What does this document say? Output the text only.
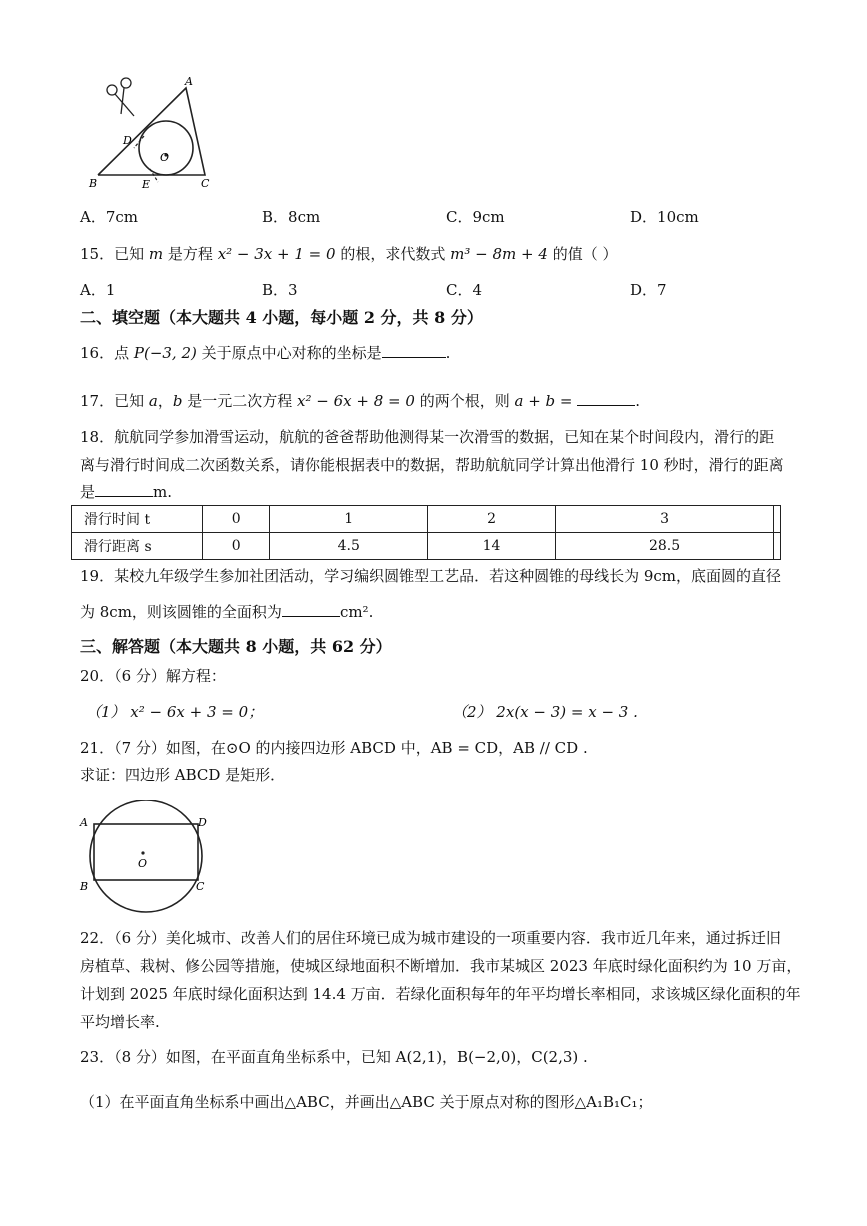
A
B	C
D
E
O
A．7cm	B．8cm	C．9cm	D．10cm
15．已知 m 是方程 x² − 3x + 1 = 0 的根，求代数式 m³ − 8m + 4 的值（ ）
A．1	B．3	C．4	D．7
二、填空题（本大题共 4 小题，每小题 2 分，共 8 分）
16．点 P(−3, 2) 关于原点中心对称的坐标是	.
17．已知 a，b 是一元二次方程 x² − 6x + 8 = 0 的两个根，则 a + b =	.
18．航航同学参加滑雪运动，航航的爸爸帮助他测得某一次滑雪的数据，已知在某个时间段内，滑行的距
离与滑行时间成二次函数关系，请你能根据表中的数据，帮助航航同学计算出他滑行 10 秒时，滑行的距离
是	m.
滑行时间 t	0	1	2	3	
滑行距离 s	0	4.5	14	28.5	
19．某校九年级学生参加社团活动，学习编织圆锥型工艺品．若这种圆锥的母线长为 9cm，底面圆的直径
为 8cm，则该圆锥的全面积为	cm².
三、解答题（本大题共 8 小题，共 62 分）
20．（6 分）解方程：
（1） x² − 6x + 3 = 0；	（2） 2x(x − 3) = x − 3 .
21．（7 分）如图，在⊙O 的内接四边形 ABCD 中，AB = CD，AB // CD .
求证：四边形 ABCD 是矩形．
A	D
B	C
O
22．（6 分）美化城市、改善人们的居住环境已成为城市建设的一项重要内容．我市近几年来，通过拆迁旧
房植草、栽树、修公园等措施，使城区绿地面积不断增加．我市某城区 2023 年底时绿化面积约为 10 万亩，
计划到 2025 年底时绿化面积达到 14.4 万亩．若绿化面积每年的年平均增长率相同，求该城区绿化面积的年
平均增长率.
23．（8 分）如图，在平面直角坐标系中，已知 A(2,1)，B(−2,0)，C(2,3) .
（1）在平面直角坐标系中画出△ABC，并画出△ABC 关于原点对称的图形△A₁B₁C₁；
